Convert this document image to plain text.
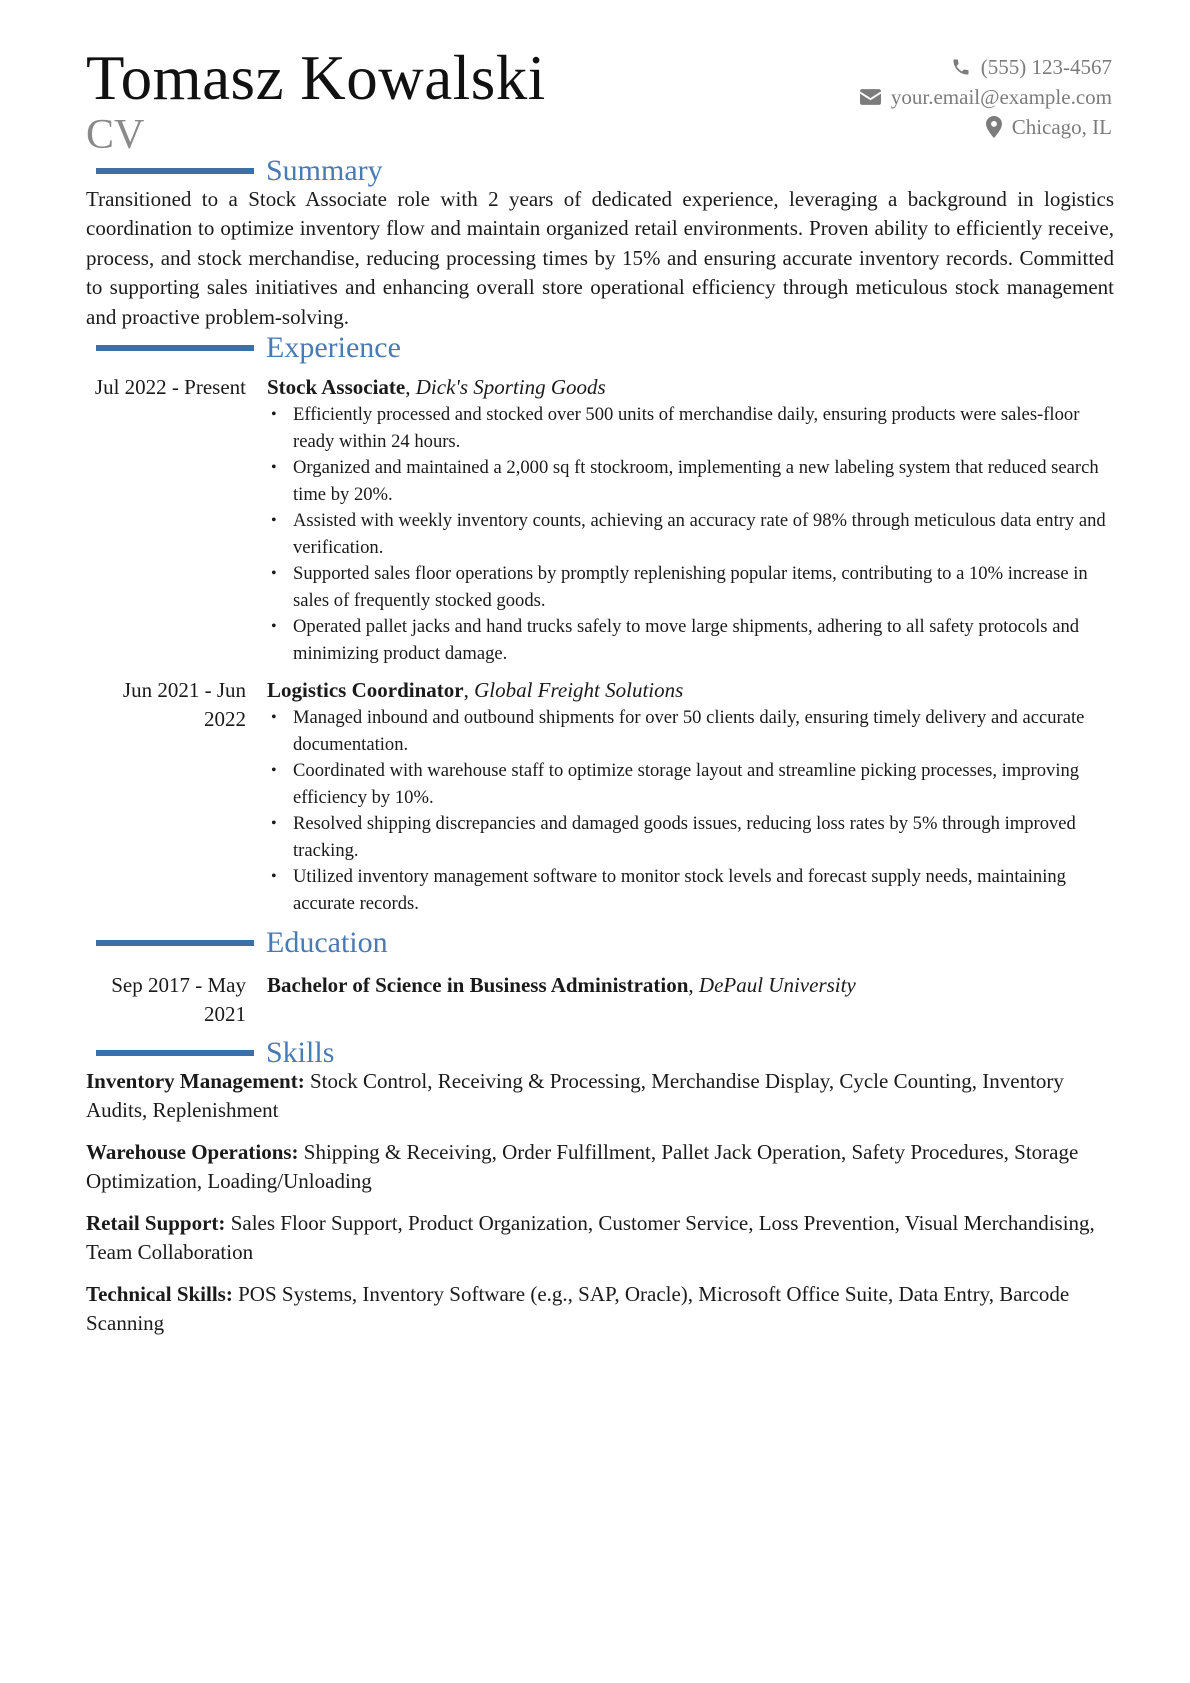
Tomasz Kowalski
CV
(555) 123-4567
your.email@example.com
Chicago, IL
Summary
Transitioned to a Stock Associate role with 2 years of dedicated experience, leveraging a background in logistics coordination to optimize inventory flow and maintain organized retail environments. Proven ability to efficiently receive, process, and stock merchandise, reducing processing times by 15% and ensuring accurate inventory records. Committed to supporting sales initiatives and enhancing overall store operational efficiency through meticulous stock management and proactive problem-solving.
Experience
Jul 2022 - Present Stock Associate, Dick's Sporting Goods
• Efficiently processed and stocked over 500 units of merchandise daily, ensuring products were sales-floor ready within 24 hours.
• Organized and maintained a 2,000 sq ft stockroom, implementing a new labeling system that reduced search time by 20%.
• Assisted with weekly inventory counts, achieving an accuracy rate of 98% through meticulous data entry and verification.
• Supported sales floor operations by promptly replenishing popular items, contributing to a 10% increase in sales of frequently stocked goods.
• Operated pallet jacks and hand trucks safely to move large shipments, adhering to all safety protocols and minimizing product damage.
Jun 2021 - Jun 2022
Logistics Coordinator, Global Freight Solutions
• Managed inbound and outbound shipments for over 50 clients daily, ensuring timely delivery and accurate documentation.
• Coordinated with warehouse staff to optimize storage layout and streamline picking processes, improving efficiency by 10%.
• Resolved shipping discrepancies and damaged goods issues, reducing loss rates by 5% through improved tracking.
• Utilized inventory management software to monitor stock levels and forecast supply needs, maintaining accurate records.
Education
Sep 2017 - May 2021
Bachelor of Science in Business Administration, DePaul University
Skills
Inventory Management: Stock Control, Receiving & Processing, Merchandise Display, Cycle Counting, Inventory Audits, Replenishment
Warehouse Operations: Shipping & Receiving, Order Fulfillment, Pallet Jack Operation, Safety Procedures, Storage Optimization, Loading/Unloading
Retail Support: Sales Floor Support, Product Organization, Customer Service, Loss Prevention, Visual Merchandising, Team Collaboration
Technical Skills: POS Systems, Inventory Software (e.g., SAP, Oracle), Microsoft Office Suite, Data Entry, Barcode Scanning
